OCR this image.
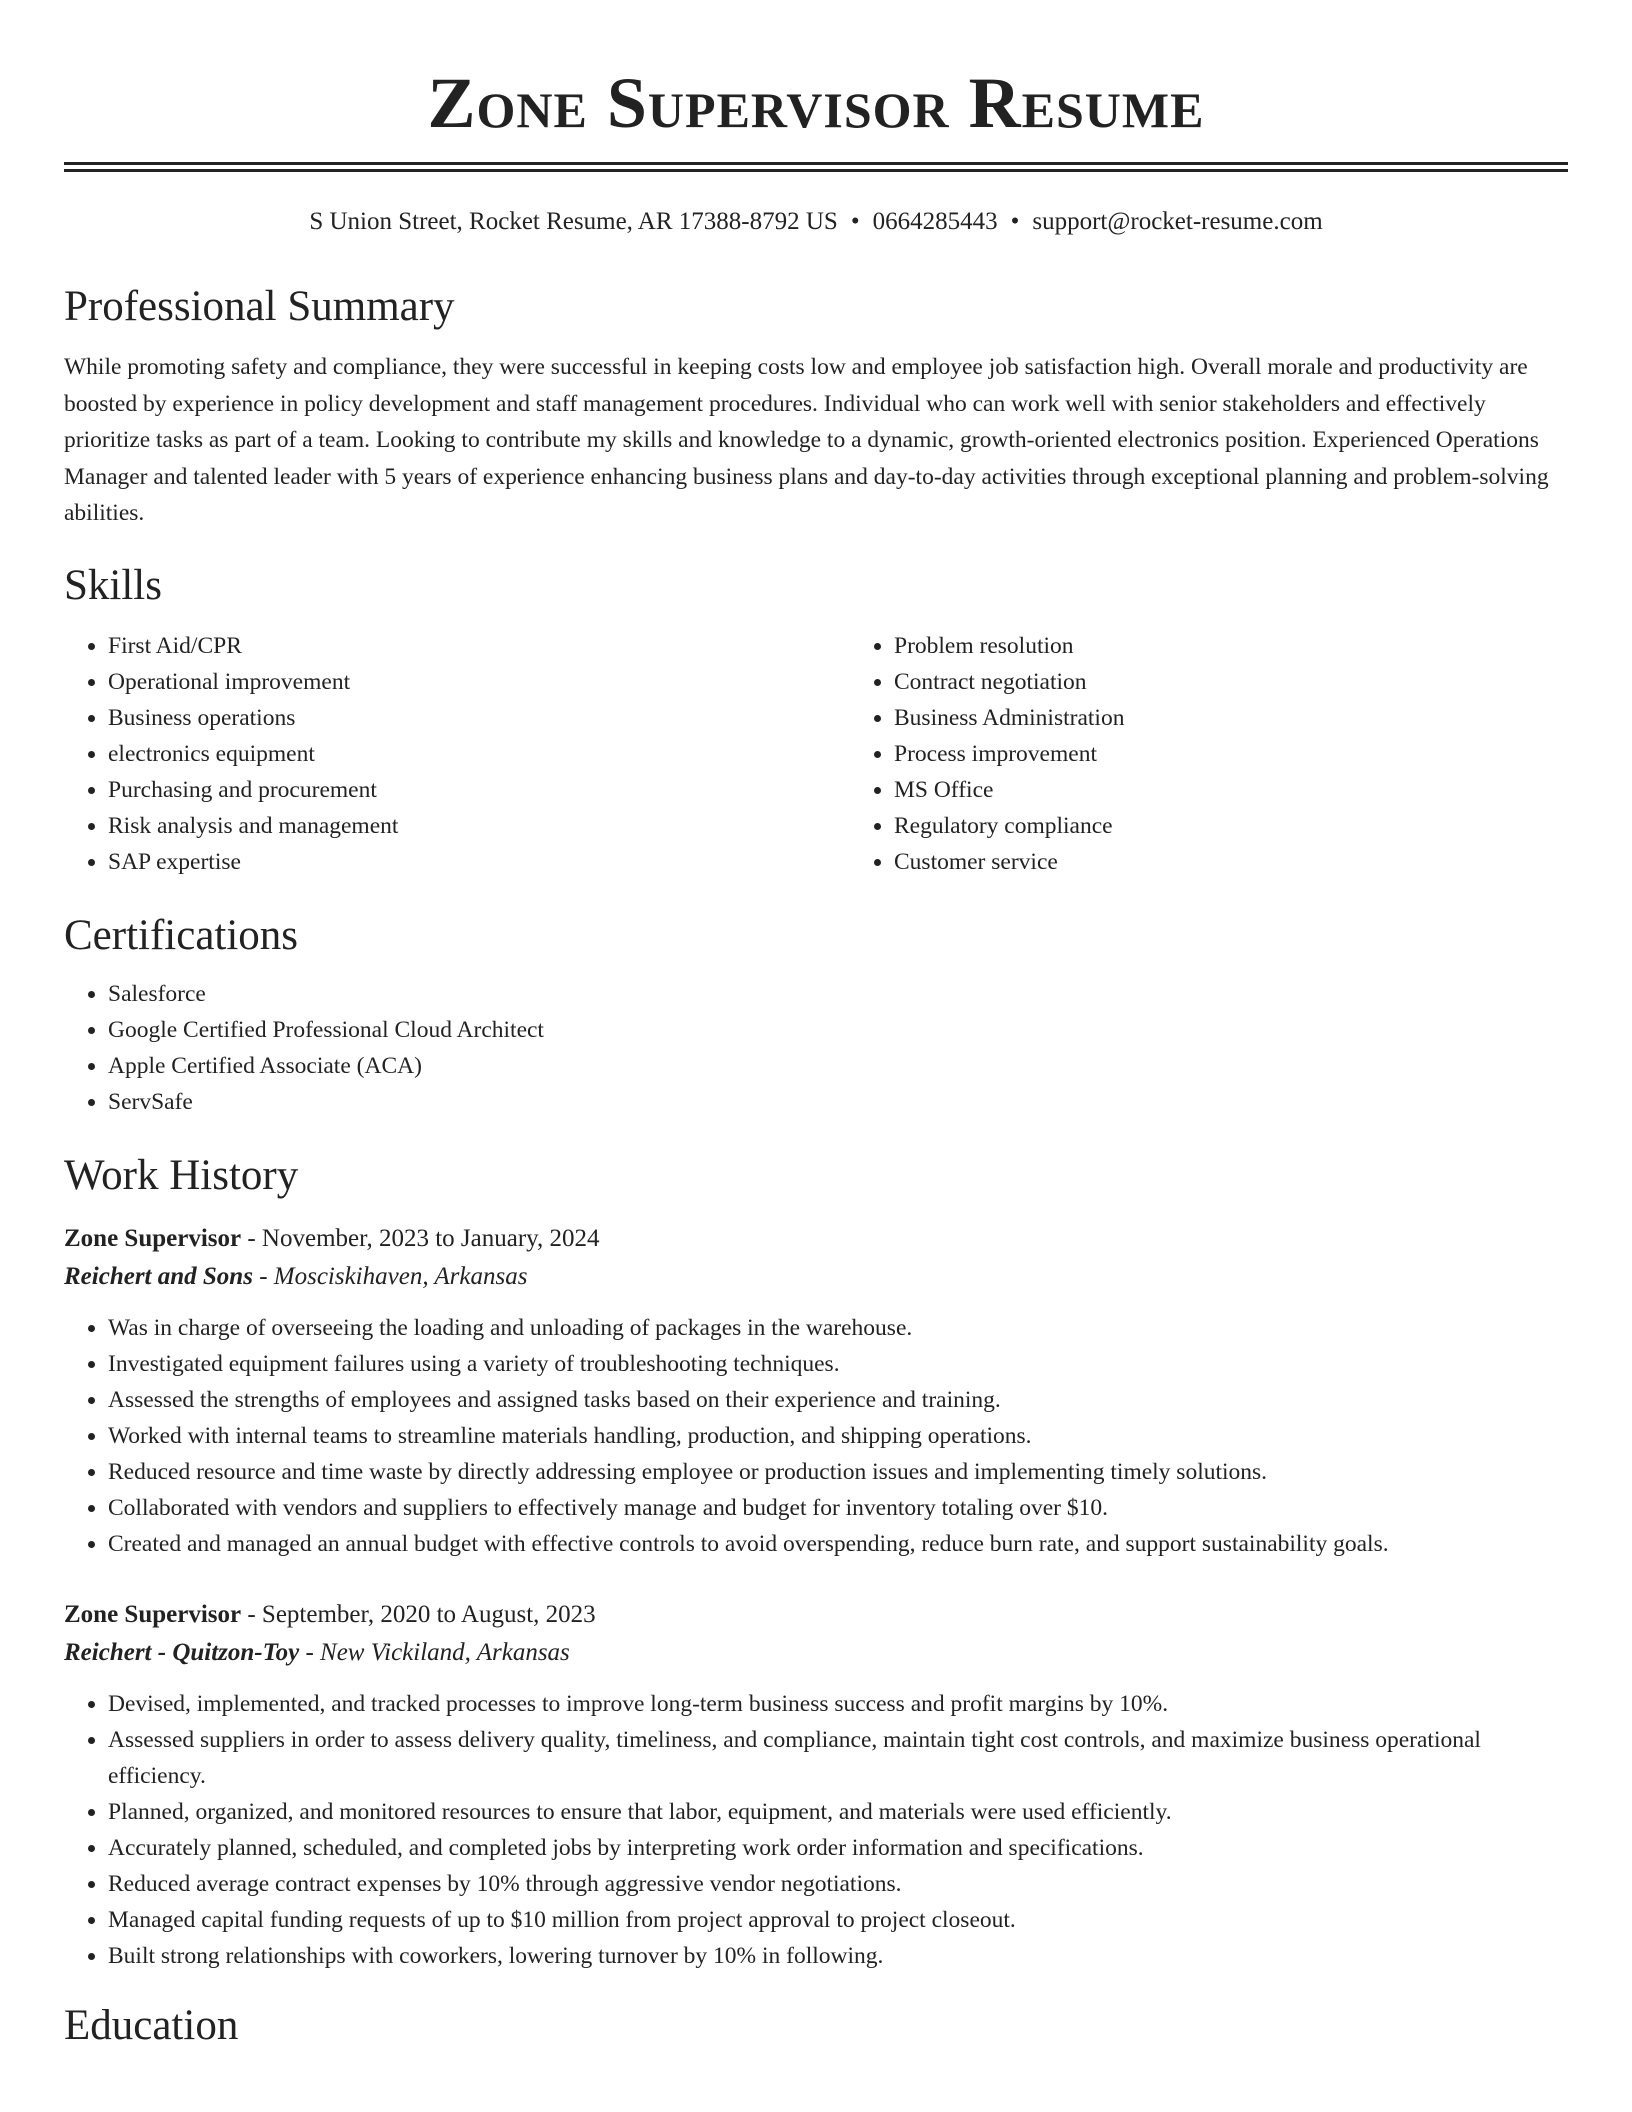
Zone Supervisor Resume
S Union Street, Rocket Resume, AR 17388-8792 US • 0664285443 • support@rocket-resume.com
Professional Summary

While promoting safety and compliance, they were successful in keeping costs low and employee job satisfaction high. Overall morale and productivity are boosted by experience in policy development and staff management procedures. Individual who can work well with senior stakeholders and effectively prioritize tasks as part of a team. Looking to contribute my skills and knowledge to a dynamic, growth-oriented electronics position. Experienced Operations Manager and talented leader with 5 years of experience enhancing business plans and day-to-day activities through exceptional planning and problem-solving abilities.

Skills
• First Aid/CPR
• Operational improvement
• Business operations
• electronics equipment
• Purchasing and procurement
• Risk analysis and management
• SAP expertise
• Problem resolution
• Contract negotiation
• Business Administration
• Process improvement
• MS Office
• Regulatory compliance
• Customer service
Certifications
• Salesforce
• Google Certified Professional Cloud Architect
• Apple Certified Associate (ACA)
• ServSafe
Work History
Zone Supervisor - November, 2023 to January, 2024
Reichert and Sons - Mosciskihaven, Arkansas
• Was in charge of overseeing the loading and unloading of packages in the warehouse.
• Investigated equipment failures using a variety of troubleshooting techniques.
• Assessed the strengths of employees and assigned tasks based on their experience and training.
• Worked with internal teams to streamline materials handling, production, and shipping operations.
• Reduced resource and time waste by directly addressing employee or production issues and implementing timely solutions.
• Collaborated with vendors and suppliers to effectively manage and budget for inventory totaling over $10.
• Created and managed an annual budget with effective controls to avoid overspending, reduce burn rate, and support sustainability goals.
Zone Supervisor - September, 2020 to August, 2023
Reichert - Quitzon-Toy - New Vickiland, Arkansas
• Devised, implemented, and tracked processes to improve long-term business success and profit margins by 10%.
• Assessed suppliers in order to assess delivery quality, timeliness, and compliance, maintain tight cost controls, and maximize business operational efficiency.
• Planned, organized, and monitored resources to ensure that labor, equipment, and materials were used efficiently.
• Accurately planned, scheduled, and completed jobs by interpreting work order information and specifications.
• Reduced average contract expenses by 10% through aggressive vendor negotiations.
• Managed capital funding requests of up to $10 million from project approval to project closeout.
• Built strong relationships with coworkers, lowering turnover by 10% in following.
Education
